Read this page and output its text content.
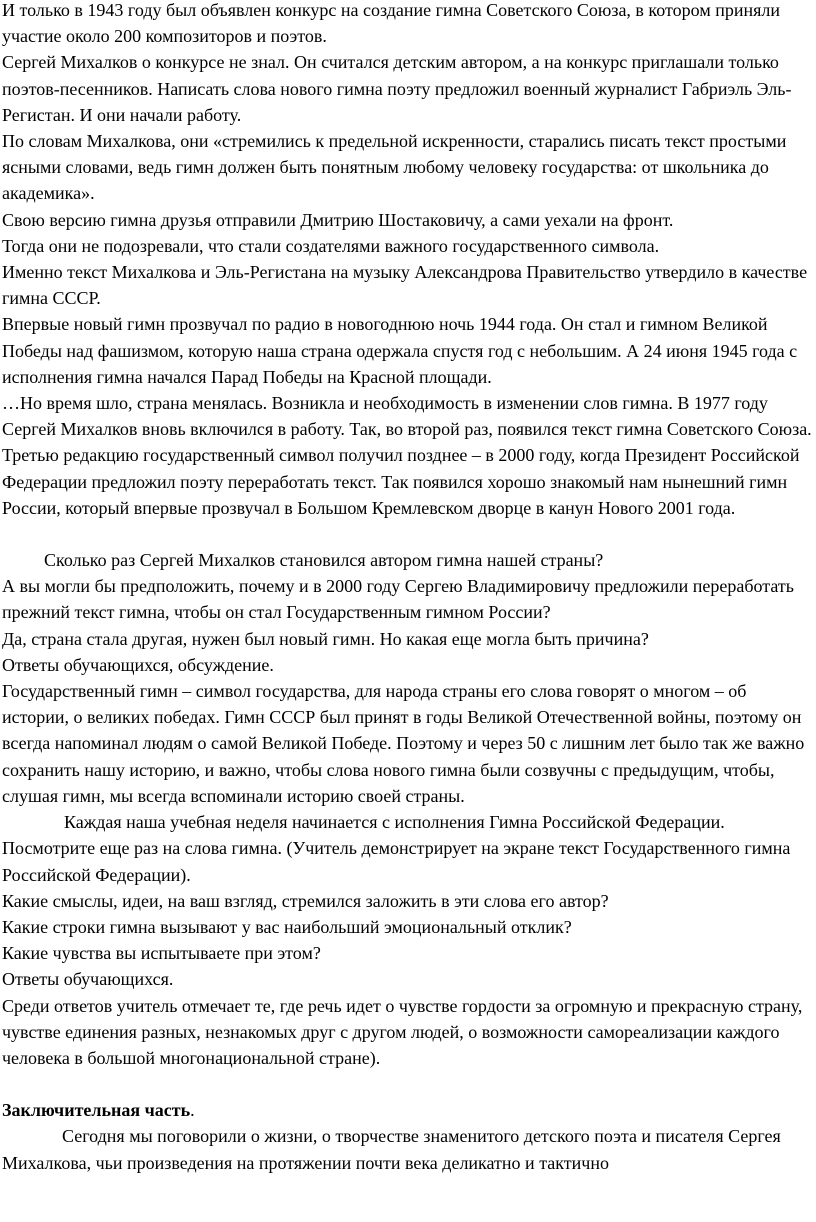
И только в 1943 году был объявлен конкурс на создание гимна Советского Союза, в котором приняли участие около 200 композиторов и поэтов.

Сергей Михалков о конкурсе не знал. Он считался детским автором, а на конкурс приглашали только поэтов-песенников. Написать слова нового гимна поэту предложил военный журналист Габриэль Эль-Регистан. И они начали работу.

По словам Михалкова, они «стремились к предельной искренности, старались писать текст простыми ясными словами, ведь гимн должен быть понятным любому человеку государства: от школьника до академика».

Свою версию гимна друзья отправили Дмитрию Шостаковичу, а сами уехали на фронт.

Тогда они не подозревали, что стали создателями важного государственного символа.

Именно текст Михалкова и Эль-Регистана на музыку Александрова Правительство утвердило в качестве гимна СССР.

Впервые новый гимн прозвучал по радио в новогоднюю ночь 1944 года. Он стал и гимном Великой Победы над фашизмом, которую наша страна одержала спустя год с небольшим. А 24 июня 1945 года с исполнения гимна начался Парад Победы на Красной площади.

…Но время шло, страна менялась. Возникла и необходимость в изменении слов гимна. В 1977 году Сергей Михалков вновь включился в работу. Так, во второй раз, появился текст гимна Советского Союза.

Третью редакцию государственный символ получил позднее – в 2000 году, когда Президент Российской Федерации предложил поэту переработать текст. Так появился хорошо знакомый нам нынешний гимн России, который впервые прозвучал в Большом Кремлевском дворце в канун Нового 2001 года.

Сколько раз Сергей Михалков становился автором гимна нашей страны?

А вы могли бы предположить, почему и в 2000 году Сергею Владимировичу предложили переработать прежний текст гимна, чтобы он стал Государственным гимном России?

Да, страна стала другая, нужен был новый гимн. Но какая еще могла быть причина?

Ответы обучающихся, обсуждение.

Государственный гимн – символ государства, для народа страны его слова говорят о многом – об истории, о великих победах. Гимн СССР был принят в годы Великой Отечественной войны, поэтому он всегда напоминал людям о самой Великой Победе. Поэтому и через 50 с лишним лет было так же важно сохранить нашу историю, и важно, чтобы слова нового гимна были созвучны с предыдущим, чтобы, слушая гимн, мы всегда вспоминали историю своей страны.

Каждая наша учебная неделя начинается с исполнения Гимна Российской Федерации. Посмотрите еще раз на слова гимна. (Учитель демонстрирует на экране текст Государственного гимна Российской Федерации).

Какие смыслы, идеи, на ваш взгляд, стремился заложить в эти слова его автор?

Какие строки гимна вызывают у вас наибольший эмоциональный отклик?

Какие чувства вы испытываете при этом?

Ответы обучающихся.

Среди ответов учитель отмечает те, где речь идет о чувстве гордости за огромную и прекрасную страну, чувстве единения разных, незнакомых друг с другом людей, о возможности самореализации каждого человека в большой многонациональной стране).

Заключительная часть.

Сегодня мы поговорили о жизни, о творчестве знаменитого детского поэта и писателя Сергея Михалкова, чьи произведения на протяжении почти века деликатно и тактично
